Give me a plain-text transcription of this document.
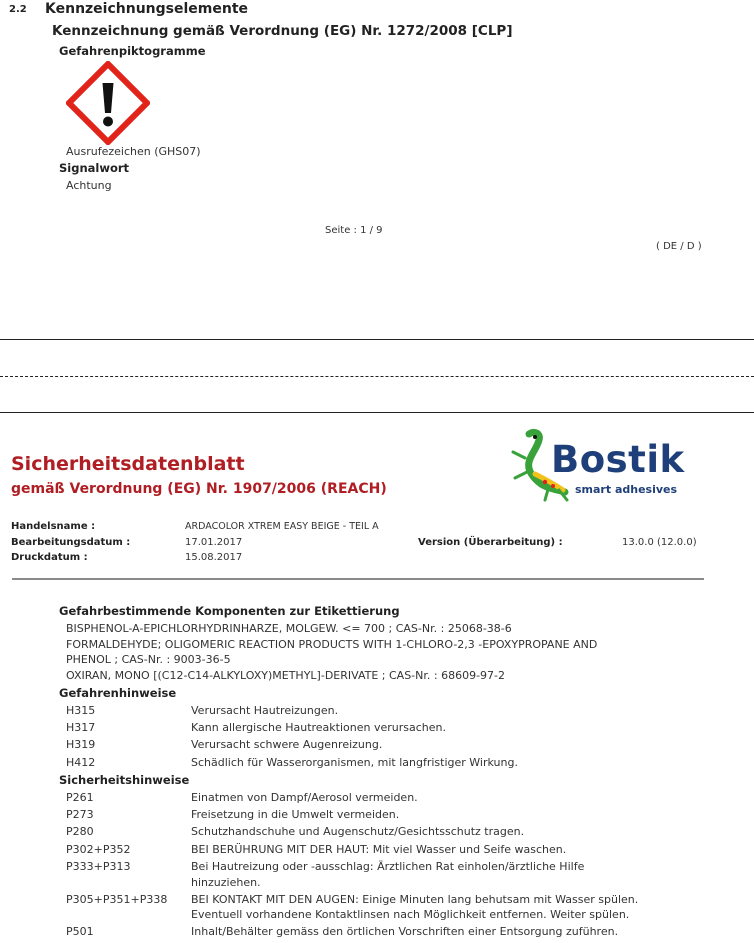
2.2 Kennzeichnungselemente
Kennzeichnung gemäß Verordnung (EG) Nr. 1272/2008 [CLP]
Gefahrenpiktogramme
Ausrufezeichen (GHS07)
Signalwort
Achtung
Seite : 1 / 9
( DE / D )
Sicherheitsdatenblatt
gemäß Verordnung (EG) Nr. 1907/2006 (REACH)
Bostik
smart adhesives
Handelsname :	ARDACOLOR XTREM EASY BEIGE - TEIL A
Bearbeitungsdatum :	17.01.2017	Version (Überarbeitung) :	13.0.0 (12.0.0)
Druckdatum :	15.08.2017
Gefahrbestimmende Komponenten zur Etikettierung
BISPHENOL-A-EPICHLORHYDRINHARZE, MOLGEW. <= 700 ; CAS-Nr. : 25068-38-6
FORMALDEHYDE; OLIGOMERIC REACTION PRODUCTS WITH 1-CHLORO-2,3 -EPOXYPROPANE AND
PHENOL ; CAS-Nr. : 9003-36-5
OXIRAN, MONO [(C12-C14-ALKYLOXY)METHYL]-DERIVATE ; CAS-Nr. : 68609-97-2
Gefahrenhinweise
H315	Verursacht Hautreizungen.
H317	Kann allergische Hautreaktionen verursachen.
H319	Verursacht schwere Augenreizung.
H412	Schädlich für Wasserorganismen, mit langfristiger Wirkung.
Sicherheitshinweise
P261	Einatmen von Dampf/Aerosol vermeiden.
P273	Freisetzung in die Umwelt vermeiden.
P280	Schutzhandschuhe und Augenschutz/Gesichtsschutz tragen.
P302+P352	BEI BERÜHRUNG MIT DER HAUT: Mit viel Wasser und Seife waschen.
P333+P313	Bei Hautreizung oder -ausschlag: Ärztlichen Rat einholen/ärztliche Hilfe
hinzuziehen.
P305+P351+P338 BEI KONTAKT MIT DEN AUGEN: Einige Minuten lang behutsam mit Wasser spülen.
Eventuell vorhandene Kontaktlinsen nach Möglichkeit entfernen. Weiter spülen.
P501	Inhalt/Behälter gemäss den örtlichen Vorschriften einer Entsorgung zuführen.
